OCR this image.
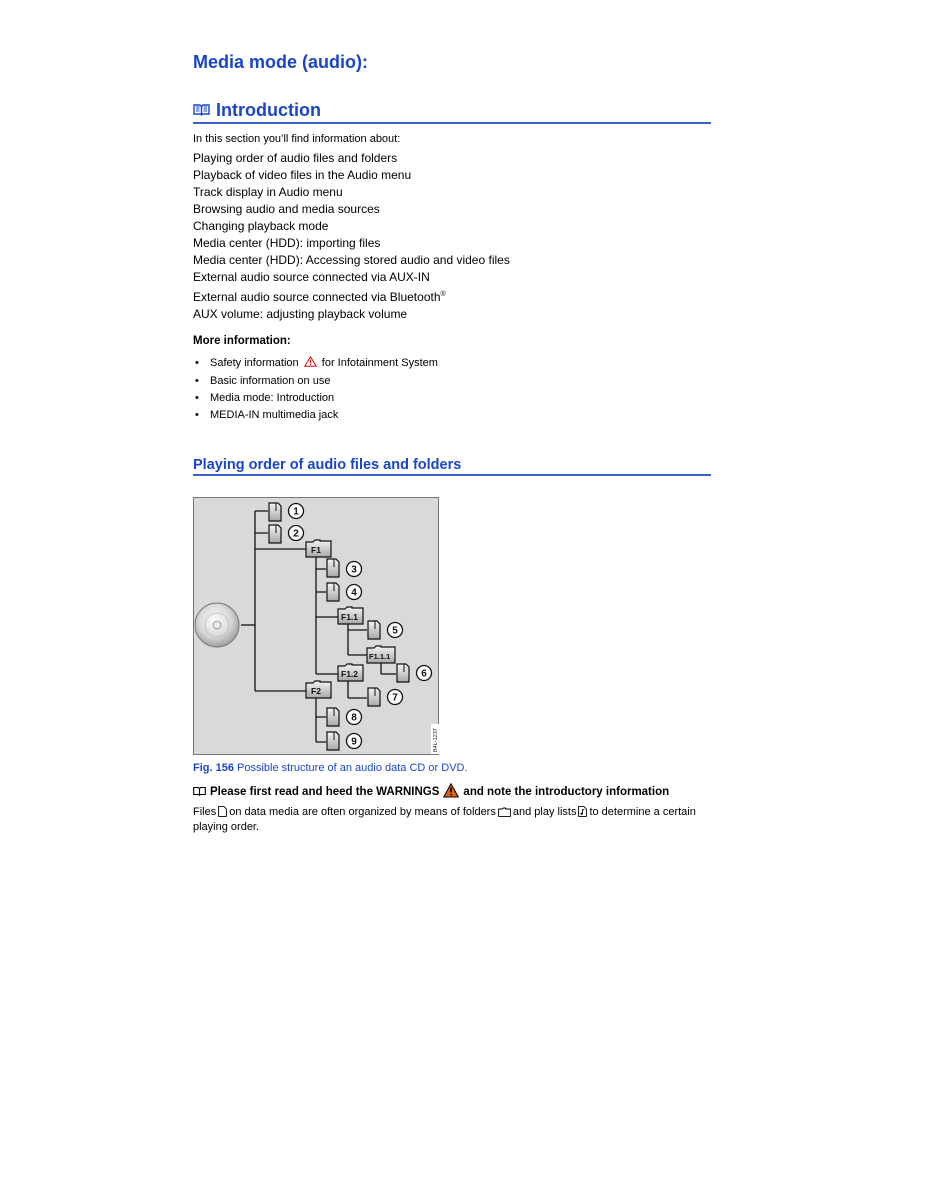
Media mode (audio):
Introduction

In this section you’ll find information about:

Playing order of audio files and folders
Playback of video files in the Audio menu
Track display in Audio menu
Browsing audio and media sources
Changing playback mode
Media center (HDD): importing files
Media center (HDD): Accessing stored audio and video files
External audio source connected via AUX-IN
External audio source connected via Bluetooth®
AUX volume: adjusting playback volume

More information:

• Safety information for Infotainment System
• Basic information on use
• Media mode: Introduction
• MEDIA-IN multimedia jack
Playing order of audio files and folders
F1
F1.1
F1.1.1
F1.2
F2
1
2
3
4
5
6
7
8
9	B4L-1237

Fig. 156 Possible structure of an audio data CD or DVD.

Please first read and heed the WARNINGS and note the introductory information

Files on data media are often organized by means of folders and play lists to determine a certain playing order.
